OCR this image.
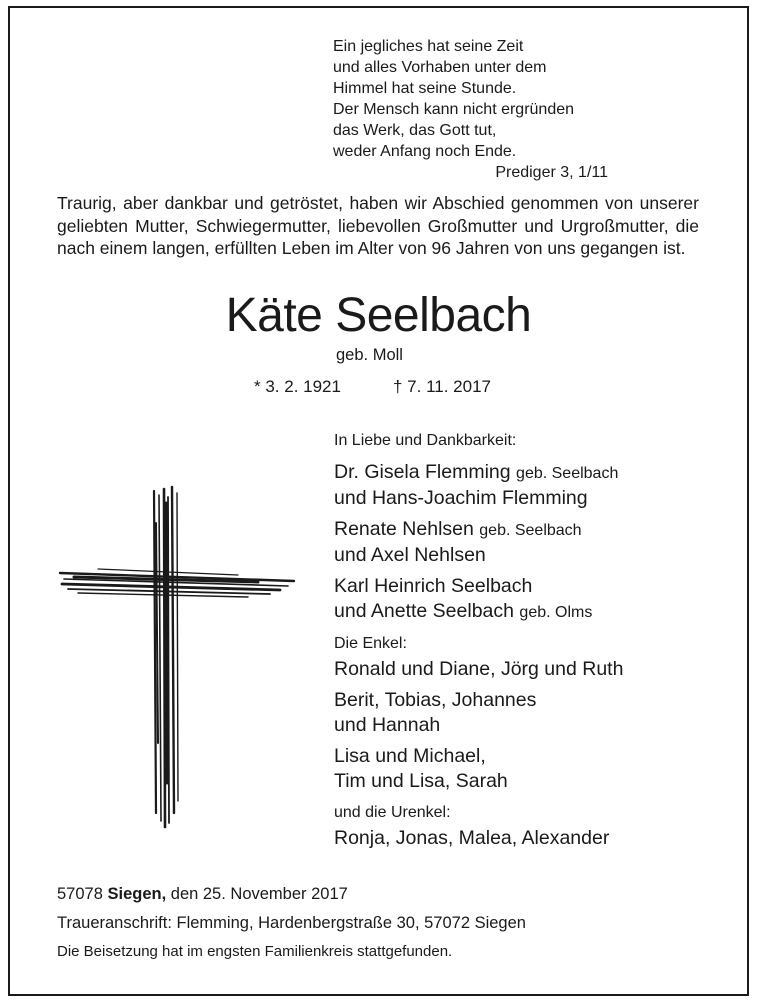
Ein jegliches hat seine Zeit
und alles Vorhaben unter dem
Himmel hat seine Stunde.
Der Mensch kann nicht ergründen
das Werk, das Gott tut,
weder Anfang noch Ende.
Prediger 3, 1/11
Traurig, aber dankbar und getröstet, haben wir Abschied genommen von unserer geliebten Mutter, Schwiegermutter, liebevollen Großmutter und Urgroßmutter, die nach einem langen, erfüllten Leben im Alter von 96 Jahren von uns gegangen ist.
Käte Seelbach
geb. Moll
* 3. 2. 1921	† 7. 11. 2017
In Liebe und Dankbarkeit:
Dr. Gisela Flemming geb. Seelbach
und Hans-Joachim Flemming
Renate Nehlsen geb. Seelbach
und Axel Nehlsen
Karl Heinrich Seelbach
und Anette Seelbach geb. Olms
Die Enkel:
Ronald und Diane, Jörg und Ruth
Berit, Tobias, Johannes
und Hannah
Lisa und Michael,
Tim und Lisa, Sarah
und die Urenkel:
Ronja, Jonas, Malea, Alexander
57078 Siegen, den 25. November 2017
Traueranschrift: Flemming, Hardenbergstraße 30, 57072 Siegen
Die Beisetzung hat im engsten Familienkreis stattgefunden.
